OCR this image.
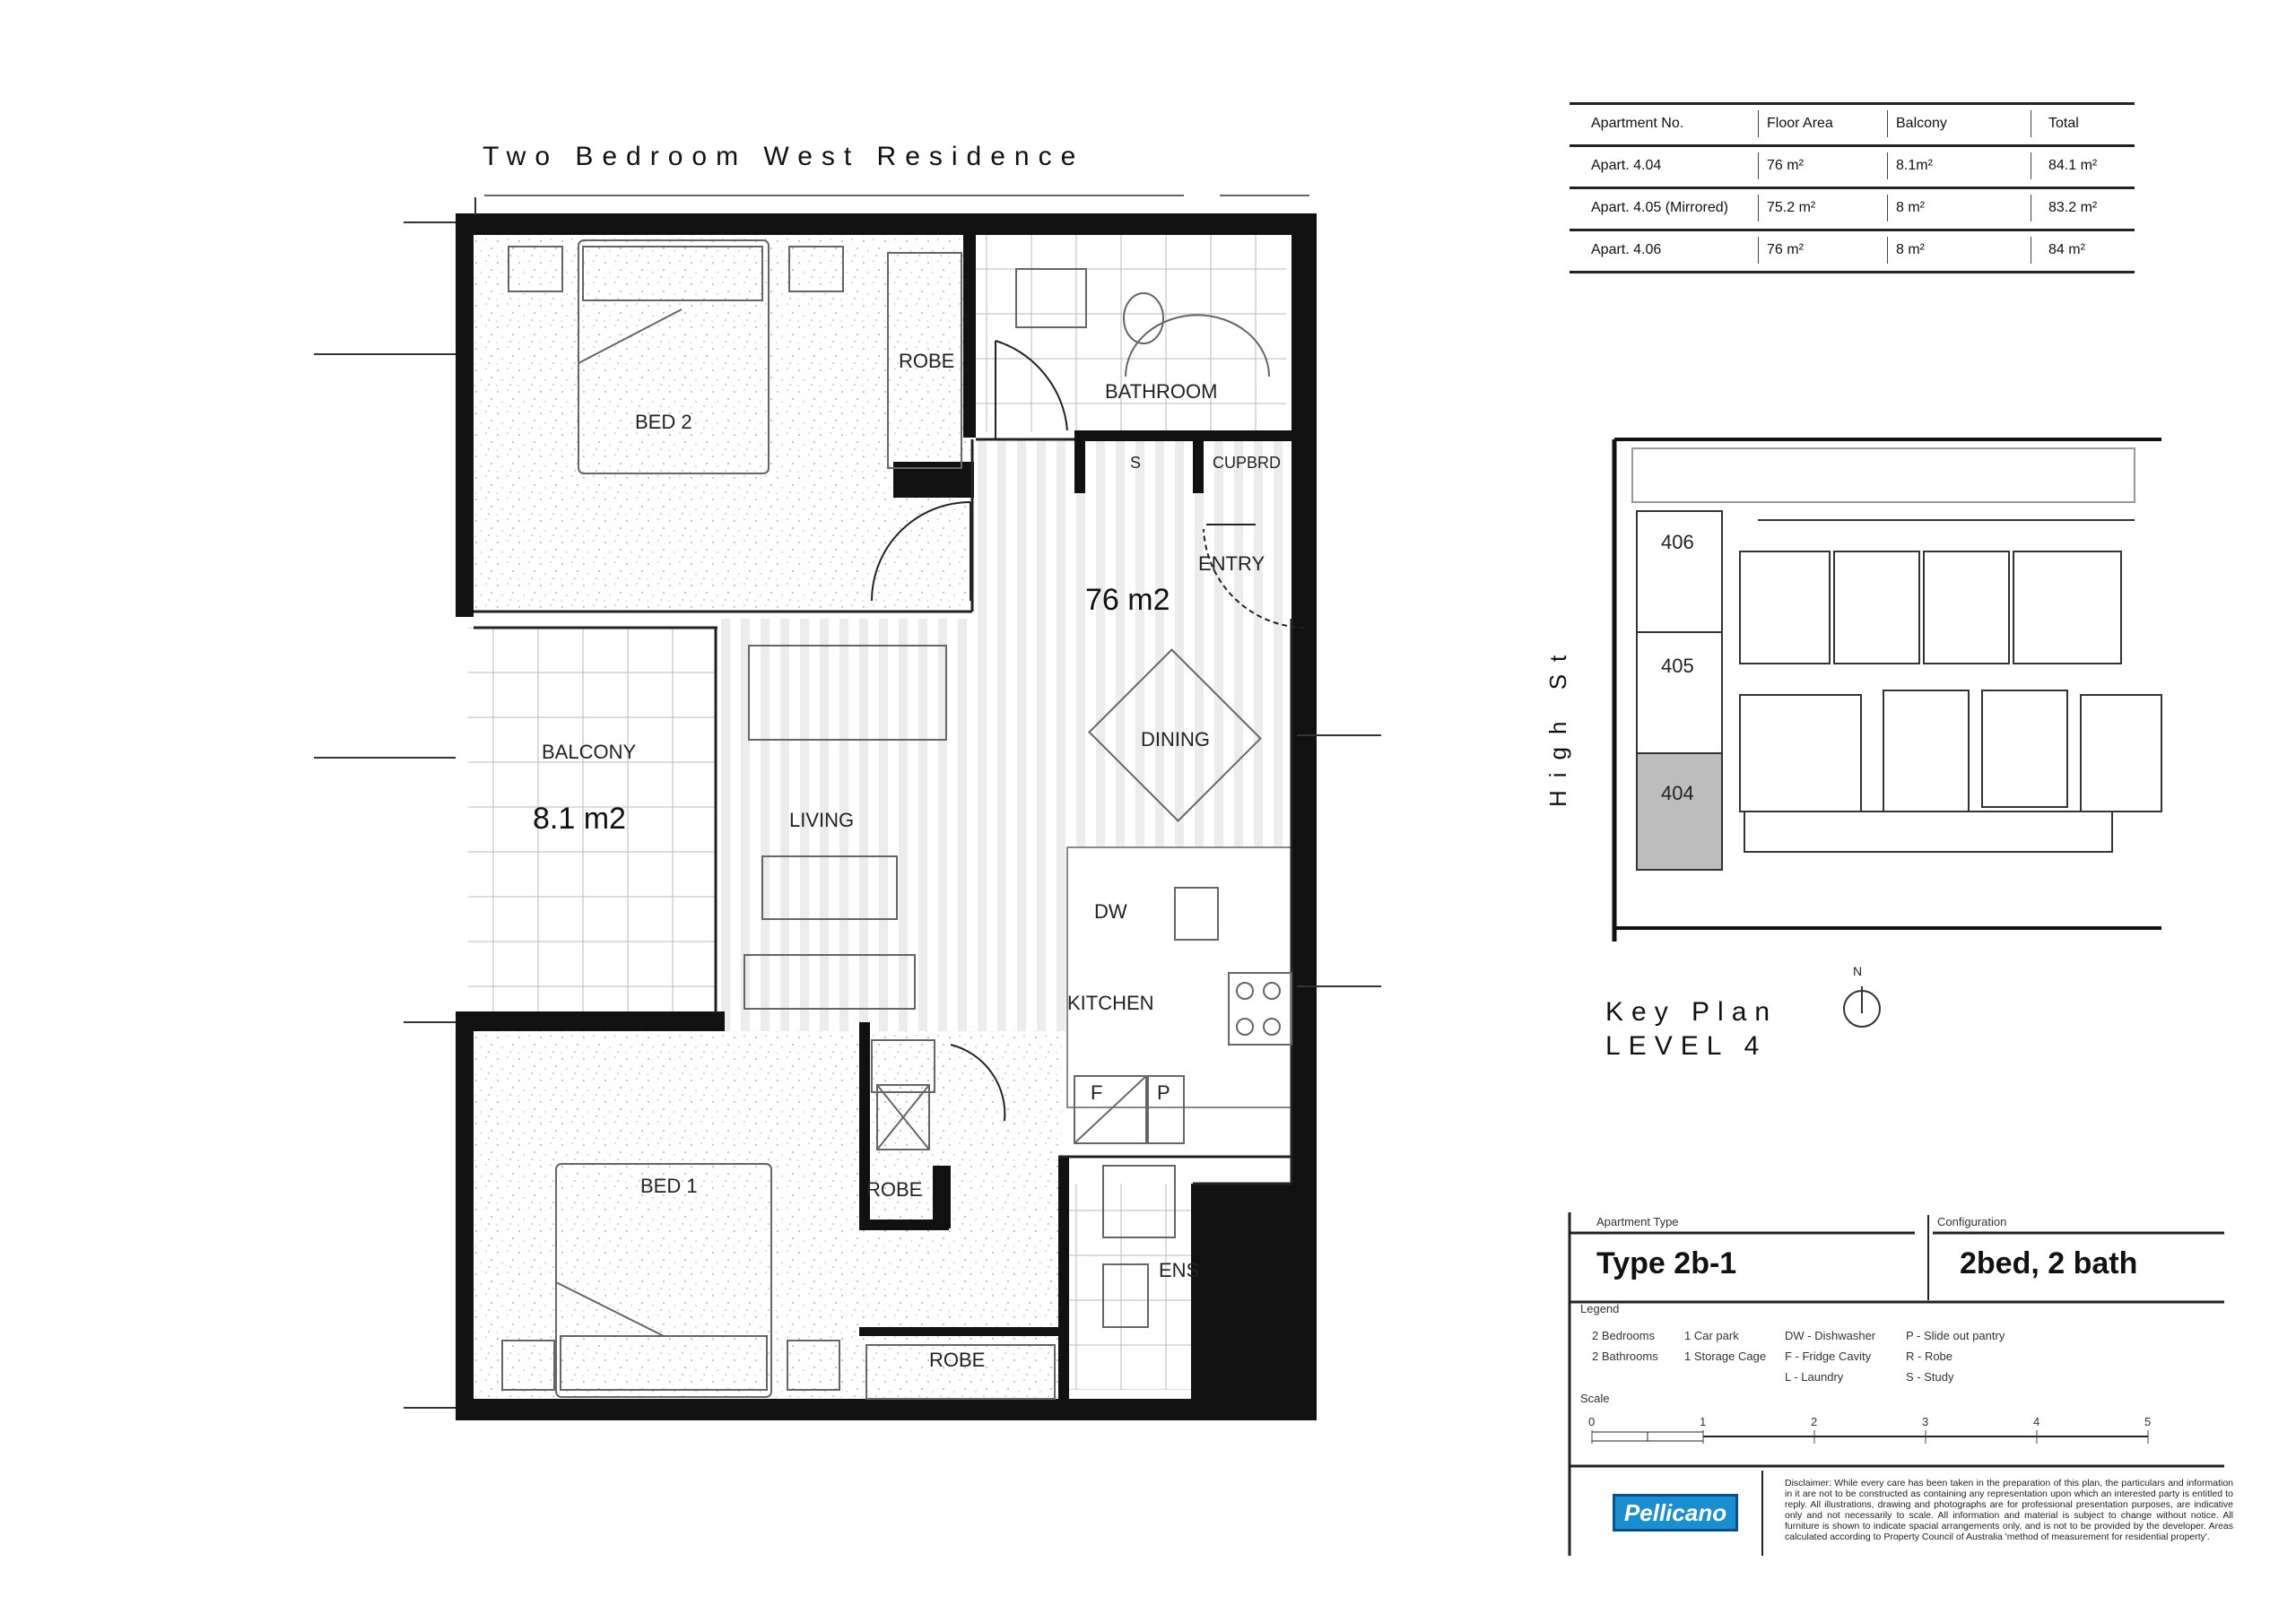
Two Bedroom West Residence
BED 2
ROBE
BATHROOM
S	CUPBRD
ENTRY
76 m2
DINING
BALCONY
8.1 m2	LIVING
DW
KITCHEN
F	P
BED 1	ROBE
ROBE
ENS
Apartment No.	Floor Area	Balcony	Total
Apart. 4.04	76 m²	8.1m²	84.1 m²
Apart. 4.05 (Mirrored)	75.2 m²	8 m²	83.2 m²
Apart. 4.06	76 m²	8 m²	84 m²
High St
406
405
404
N
Key Plan
LEVEL 4
Apartment Type
Type 2b-1
Configuration
2bed, 2 bath
Legend
2 Bedrooms
2 Bathrooms
1 Car park
1 Storage Cage
DW - Dishwasher
F - Fridge Cavity
L - Laundry
P - Slide out pantry
R - Robe
S - Study
Scale
0	1	2	3	4	5
Pellicano
Disclaimer: While every care has been taken in the preparation of this plan, the particulars and information in it are not to be constructed as containing any representation upon which an interested party is entitled to reply. All illustrations, drawing and photographs are for professional presentation purposes, are indicative only and not necessarily to scale. All information and material is subject to change without notice. All furniture is shown to indicate spacial arrangements only, and is not to be provided by the developer. Areas calculated according to Property Council of Australia 'method of measurement for residential property'.
